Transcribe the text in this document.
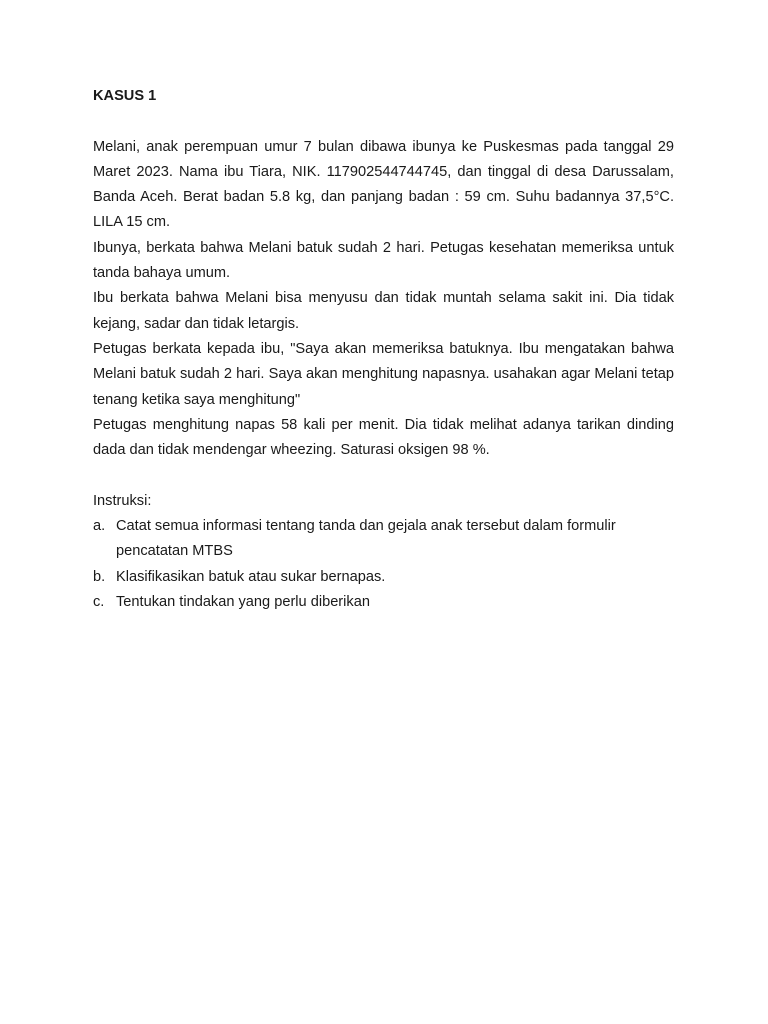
KASUS 1

Melani, anak perempuan umur 7 bulan dibawa ibunya ke Puskesmas pada tanggal 29 Maret 2023. Nama ibu Tiara, NIK. 117902544744745, dan tinggal di desa Darussalam, Banda Aceh. Berat badan 5.8 kg, dan panjang badan : 59 cm. Suhu badannya 37,5°C. LILA 15 cm.

Ibunya, berkata bahwa Melani batuk sudah 2 hari. Petugas kesehatan memeriksa untuk tanda bahaya umum.

Ibu berkata bahwa Melani bisa menyusu dan tidak muntah selama sakit ini. Dia tidak kejang, sadar dan tidak letargis.

Petugas berkata kepada ibu, "Saya akan memeriksa batuknya. Ibu mengatakan bahwa Melani batuk sudah 2 hari. Saya akan menghitung napasnya. usahakan agar Melani tetap tenang ketika saya menghitung"

Petugas menghitung napas 58 kali per menit. Dia tidak melihat adanya tarikan dinding dada dan tidak mendengar wheezing. Saturasi oksigen 98 %.

Instruksi:

a. Catat semua informasi tentang tanda dan gejala anak tersebut dalam formulir pencatatan MTBS
b. Klasifikasikan batuk atau sukar bernapas.
c. Tentukan tindakan yang perlu diberikan
